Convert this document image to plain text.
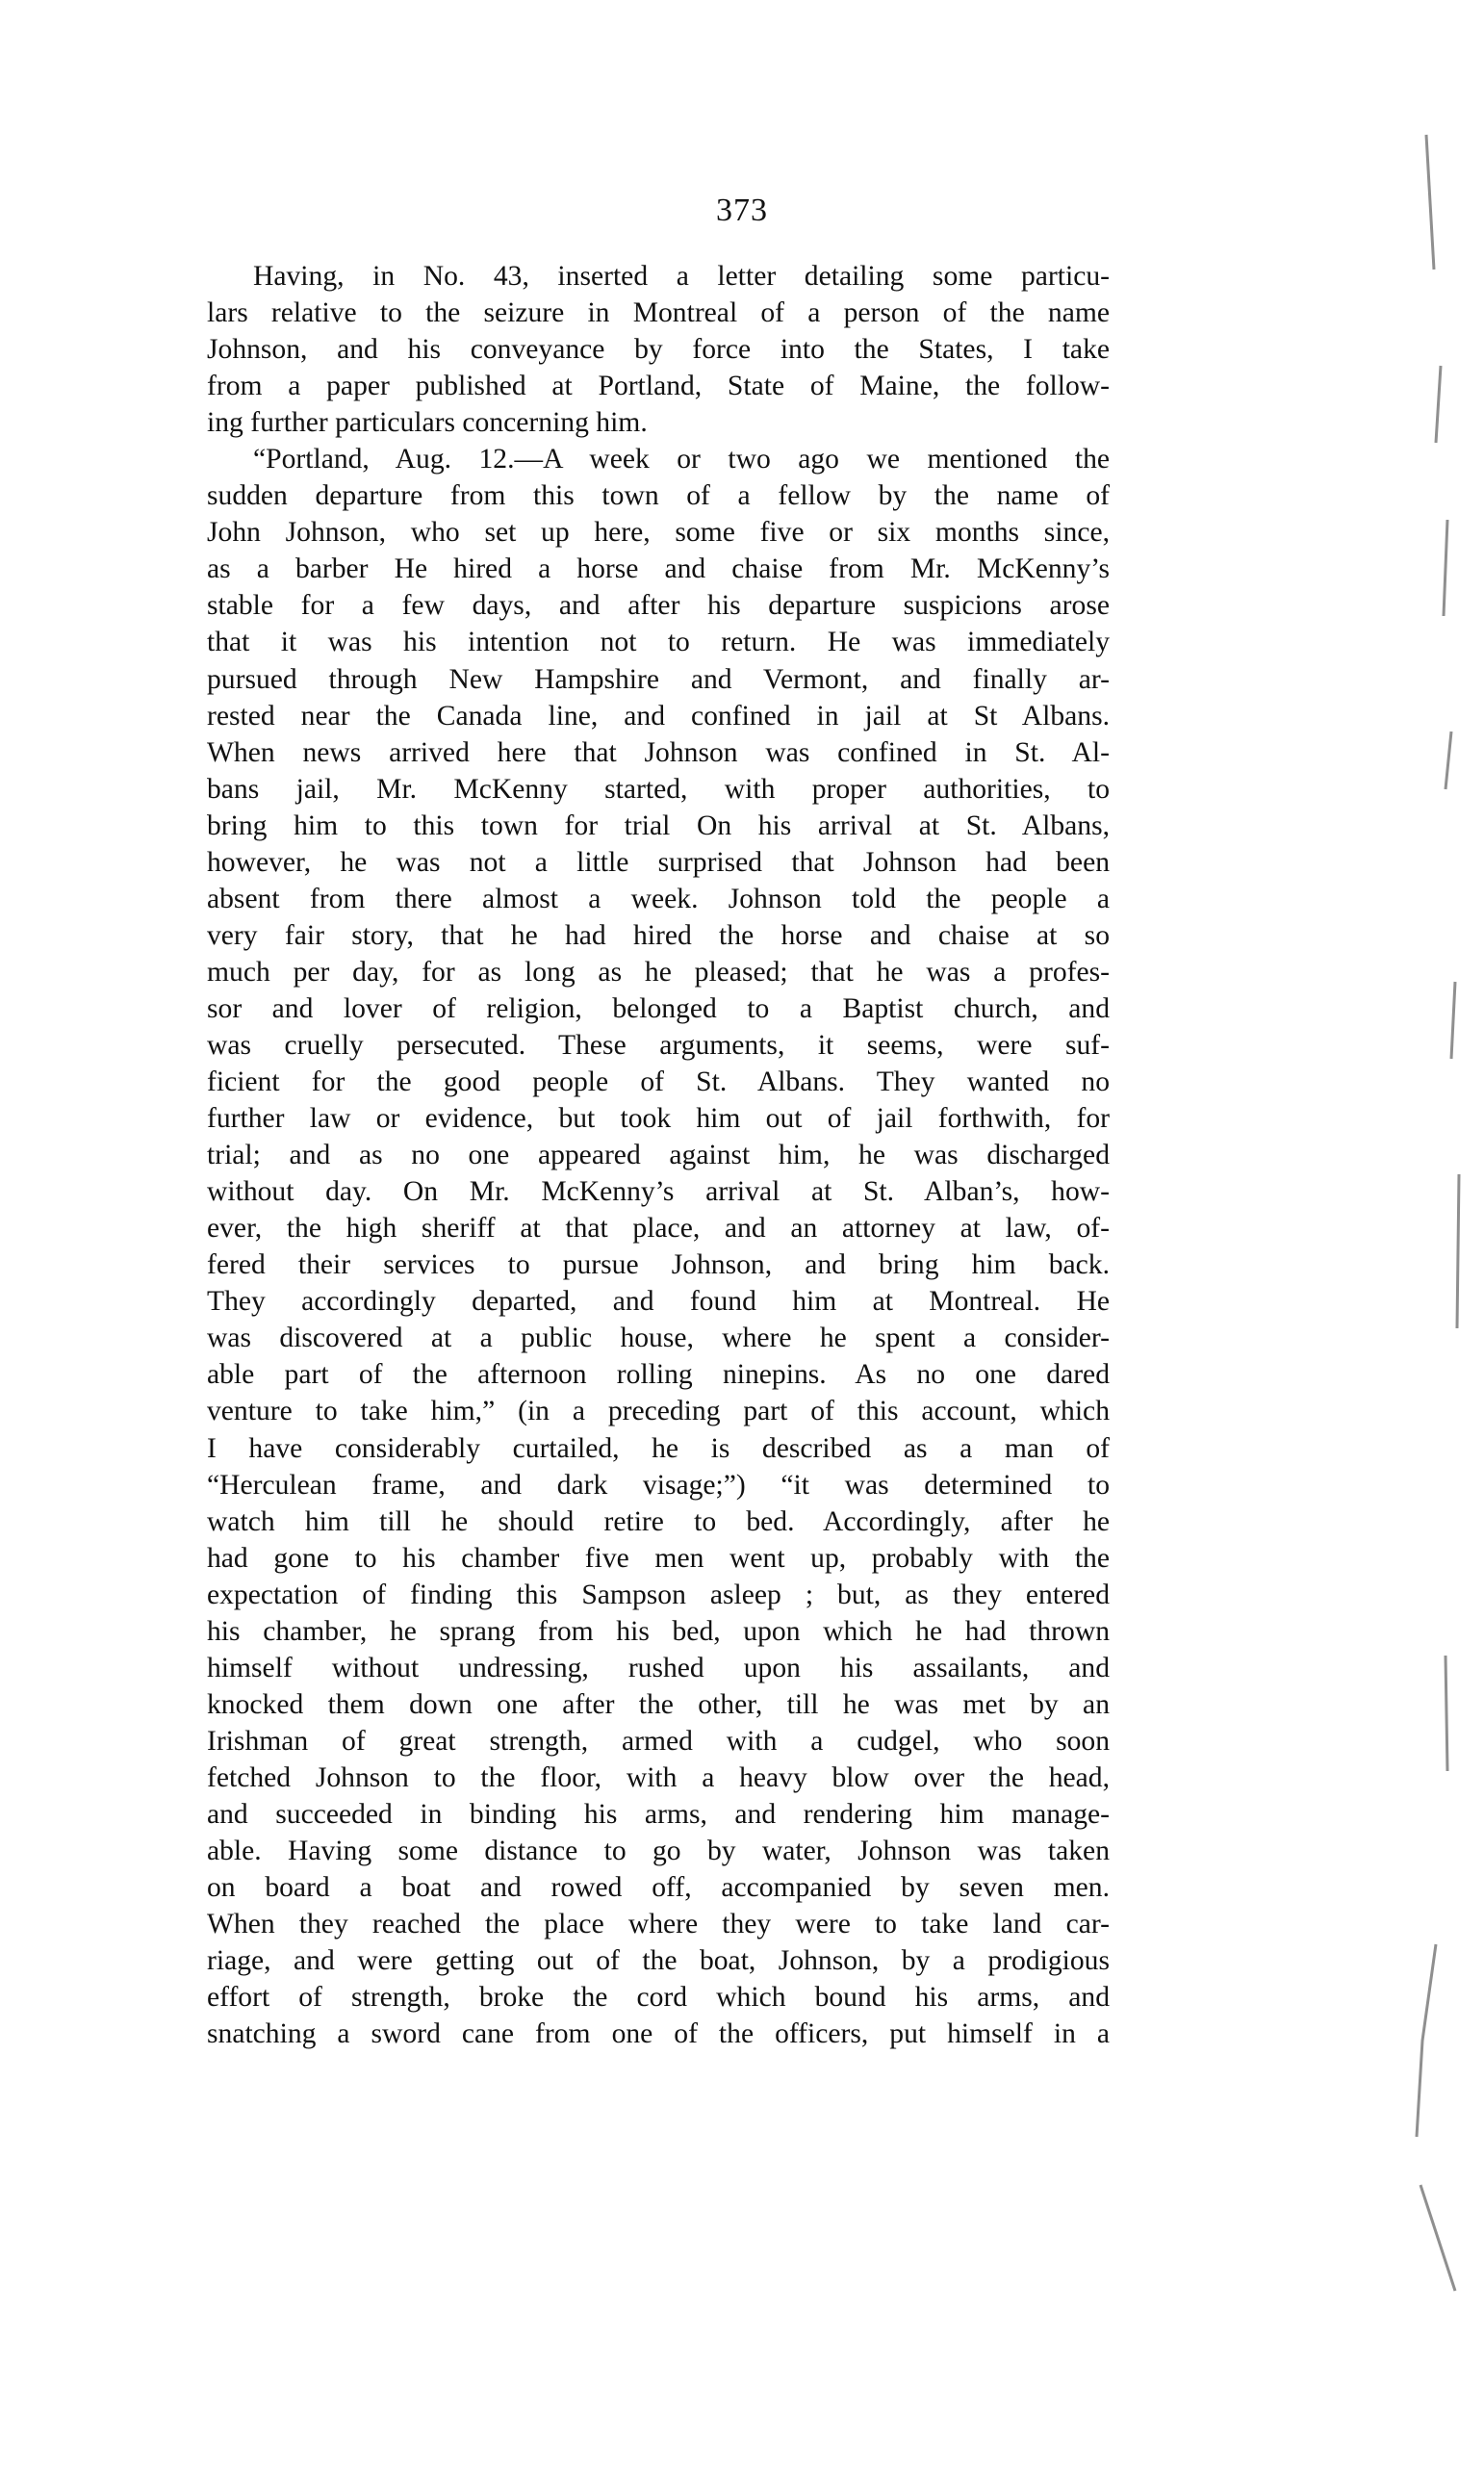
373
Having, in No. 43, inserted a letter detailing some particu-
lars relative to the seizure in Montreal of a person of the name
Johnson, and his conveyance by force into the States, I take
from a paper published at Portland, State of Maine, the follow-
ing further particulars concerning him.
“Portland, Aug. 12.—A week or two ago we mentioned the
sudden departure from this town of a fellow by the name of
John Johnson, who set up here, some five or six months since,
as a barber He hired a horse and chaise from Mr. McKenny’s
stable for a few days, and after his departure suspicions arose
that it was his intention not to return. He was immediately
pursued through New Hampshire and Vermont, and finally ar-
rested near the Canada line, and confined in jail at St Albans.
When news arrived here that Johnson was confined in St. Al-
bans jail, Mr. McKenny started, with proper authorities, to
bring him to this town for trial On his arrival at St. Albans,
however, he was not a little surprised that Johnson had been
absent from there almost a week. Johnson told the people a
very fair story, that he had hired the horse and chaise at so
much per day, for as long as he pleased; that he was a profes-
sor and lover of religion, belonged to a Baptist church, and
was cruelly persecuted. These arguments, it seems, were suf-
ficient for the good people of St. Albans. They wanted no
further law or evidence, but took him out of jail forthwith, for
trial; and as no one appeared against him, he was discharged
without day. On Mr. McKenny’s arrival at St. Alban’s, how-
ever, the high sheriff at that place, and an attorney at law, of-
fered their services to pursue Johnson, and bring him back.
They accordingly departed, and found him at Montreal. He
was discovered at a public house, where he spent a consider-
able part of the afternoon rolling ninepins. As no one dared
venture to take him,” (in a preceding part of this account, which
I have considerably curtailed, he is described as a man of
“Herculean frame, and dark visage;”) “it was determined to
watch him till he should retire to bed. Accordingly, after he
had gone to his chamber five men went up, probably with the
expectation of finding this Sampson asleep ; but, as they entered
his chamber, he sprang from his bed, upon which he had thrown
himself without undressing, rushed upon his assailants, and
knocked them down one after the other, till he was met by an
Irishman of great strength, armed with a cudgel, who soon
fetched Johnson to the floor, with a heavy blow over the head,
and succeeded in binding his arms, and rendering him manage-
able. Having some distance to go by water, Johnson was taken
on board a boat and rowed off, accompanied by seven men.
When they reached the place where they were to take land car-
riage, and were getting out of the boat, Johnson, by a prodigious
effort of strength, broke the cord which bound his arms, and
snatching a sword cane from one of the officers, put himself in a
